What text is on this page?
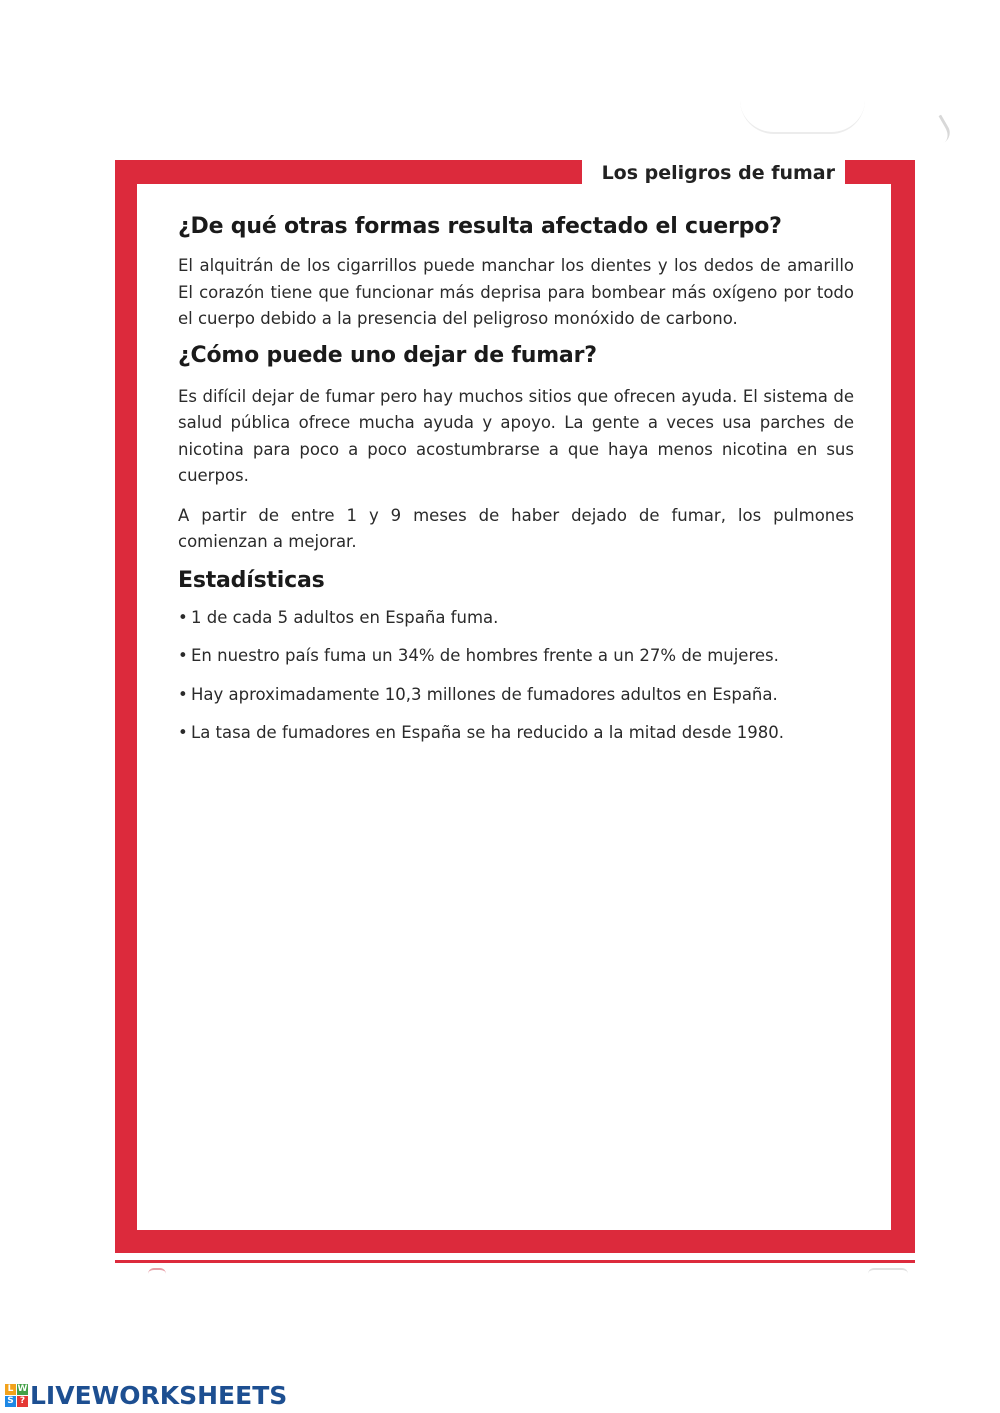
Los peligros de fumar
¿De qué otras formas resulta afectado el cuerpo?

El alquitrán de los cigarrillos puede manchar los dientes y los dedos de amarillo El corazón tiene que funcionar más deprisa para bombear más oxígeno por todo el cuerpo debido a la presencia del peligroso monóxido de carbono.

¿Cómo puede uno dejar de fumar?

Es difícil dejar de fumar pero hay muchos sitios que ofrecen ayuda. El sistema de salud pública ofrece mucha ayuda y apoyo. La gente a veces usa parches de nicotina para poco a poco acostumbrarse a que haya menos nicotina en sus cuerpos.

A partir de entre 1 y 9 meses de haber dejado de fumar, los pulmones comienzan a mejorar.

Estadísticas
• 1 de cada 5 adultos en España fuma.
• En nuestro país fuma un 34% de hombres frente a un 27% de mujeres.
• Hay aproximadamente 10,3 millones de fumadores adultos en España.
• La tasa de fumadores en España se ha reducido a la mitad desde 1980.
L W
S ? LIVEWORKSHEETS
